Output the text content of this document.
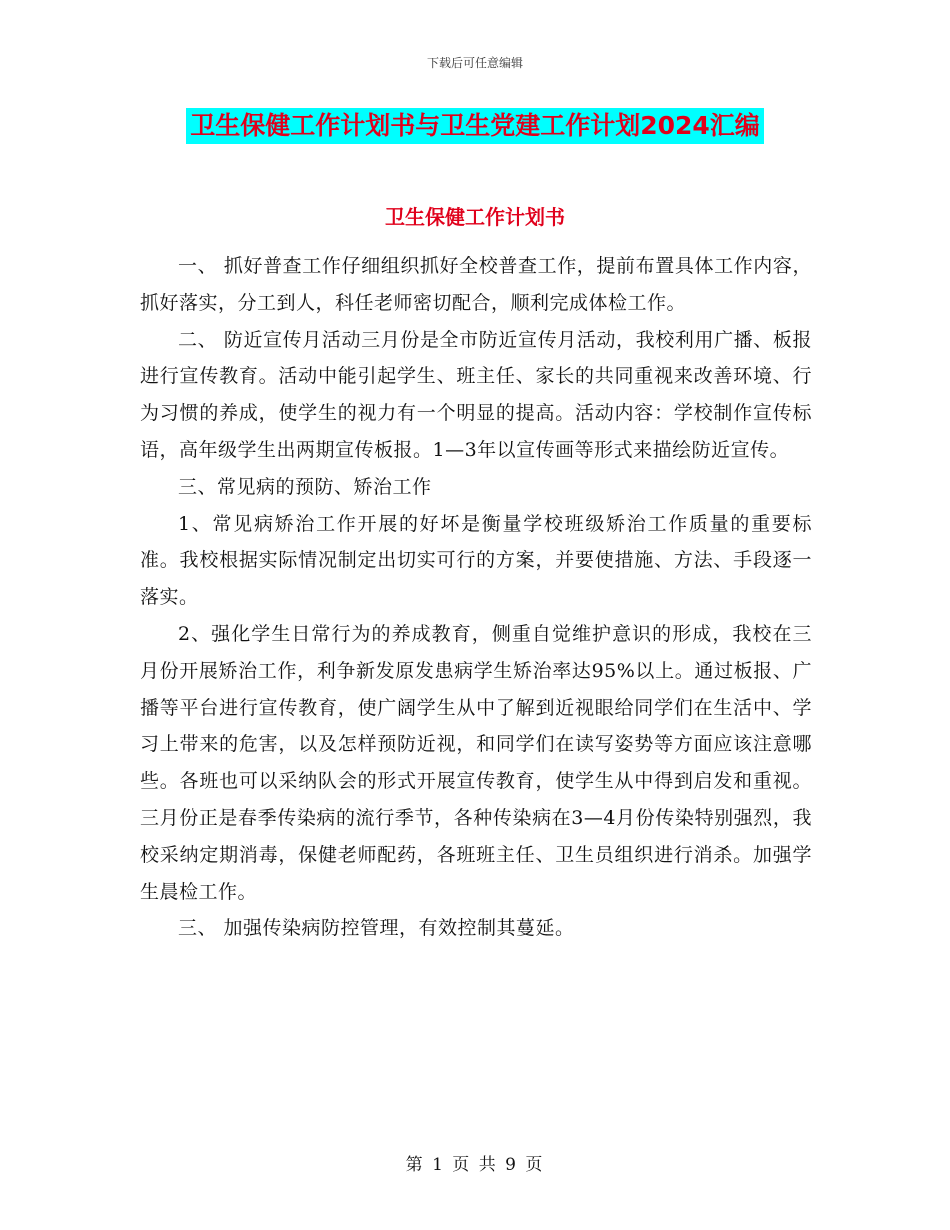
下载后可任意编辑
卫生保健工作计划书与卫生党建工作计划2024汇编
卫生保健工作计划书

一、 抓好普查工作仔细组织抓好全校普查工作，提前布置具体工作内容，抓好落实，分工到人，科任老师密切配合，顺利完成体检工作。

二、 防近宣传月活动三月份是全市防近宣传月活动，我校利用广播、板报进行宣传教育。活动中能引起学生、班主任、家长的共同重视来改善环境、行为习惯的养成，使学生的视力有一个明显的提高。活动内容：学校制作宣传标语，高年级学生出两期宣传板报。1—3年以宣传画等形式来描绘防近宣传。

三、常见病的预防、矫治工作

1、常见病矫治工作开展的好坏是衡量学校班级矫治工作质量的重要标准。我校根据实际情况制定出切实可行的方案，并要使措施、方法、手段逐一落实。

2、强化学生日常行为的养成教育，侧重自觉维护意识的形成，我校在三月份开展矫治工作，利争新发原发患病学生矫治率达95%以上。通过板报、广播等平台进行宣传教育，使广阔学生从中了解到近视眼给同学们在生活中、学习上带来的危害，以及怎样预防近视，和同学们在读写姿势等方面应该注意哪些。各班也可以采纳队会的形式开展宣传教育，使学生从中得到启发和重视。三月份正是春季传染病的流行季节，各种传染病在3—4月份传染特别强烈，我校采纳定期消毒，保健老师配药，各班班主任、卫生员组织进行消杀。加强学生晨检工作。

三、 加强传染病防控管理，有效控制其蔓延。

第 1 页 共 9 页
